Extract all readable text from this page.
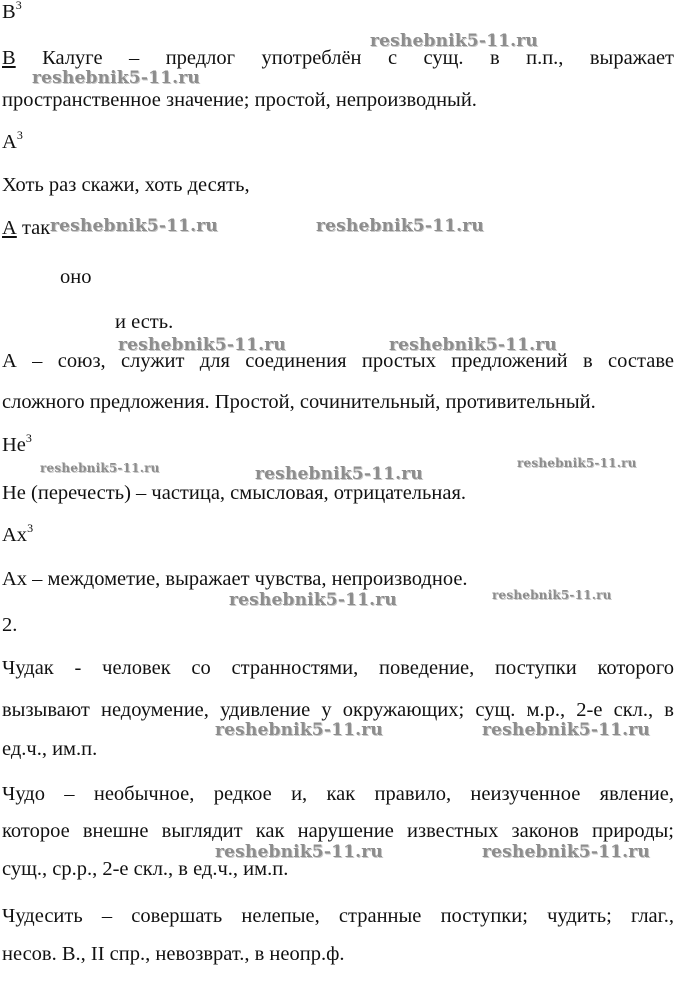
$В^3$
В Калуге – предлог употреблён с сущ. в п.п., выражает
пространственное значение; простой, непроизводный.
$А^3$
Хоть раз скажи, хоть десять,
А так
оно
и есть.
А – союз, служит для соединения простых предложений в составе
сложного предложения. Простой, сочинительный, противительный.
$Не^3$
Не (перечесть) – частица, смысловая, отрицательная.
$Ах^3$
Ах – междометие, выражает чувства, непроизводное.
2.
Чудак - человек со странностями, поведение, поступки которого
вызывают недоумение, удивление у окружающих; сущ. м.р., 2-е скл., в
ед.ч., им.п.
Чудо – необычное, редкое и, как правило, неизученное явление,
которое внешне выглядит как нарушение известных законов природы;
сущ., ср.р., 2-е скл., в ед.ч., им.п.
Чудесить – совершать нелепые, странные поступки; чудить; глаг.,
несов. В., II спр., невозврат., в неопр.ф.
reshebnik5-11.ru
reshebnik5-11.ru
reshebnik5-11.ru	reshebnik5-11.ru
reshebnik5-11.ru	reshebnik5-11.ru
reshebnik5-11.ru	reshebnik5-11.ru
reshebnik5-11.ru
reshebnik5-11.ru	reshebnik5-11.ru
reshebnik5-11.ru	reshebnik5-11.ru
reshebnik5-11.ru	reshebnik5-11.ru
